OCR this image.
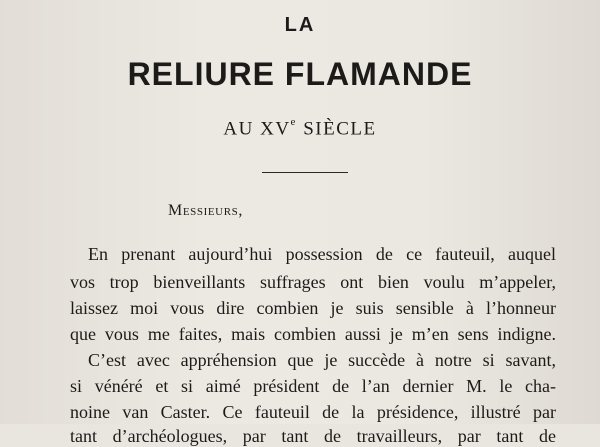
LA
RELIURE FLAMANDE
AU XVe SIÈCLE
Messieurs,
En prenant aujourd’hui possession de ce fauteuil, auquel
vos trop bienveillants suffrages ont bien voulu m’appeler,
laissez moi vous dire combien je suis sensible à l’honneur
que vous me faites, mais combien aussi je m’en sens indigne.
C’est avec appréhension que je succède à notre si savant,
si vénéré et si aimé président de l’an dernier M. le cha-
noine van Caster. Ce fauteuil de la présidence, illustré par
tant d’archéologues, par tant de travailleurs, par tant de
